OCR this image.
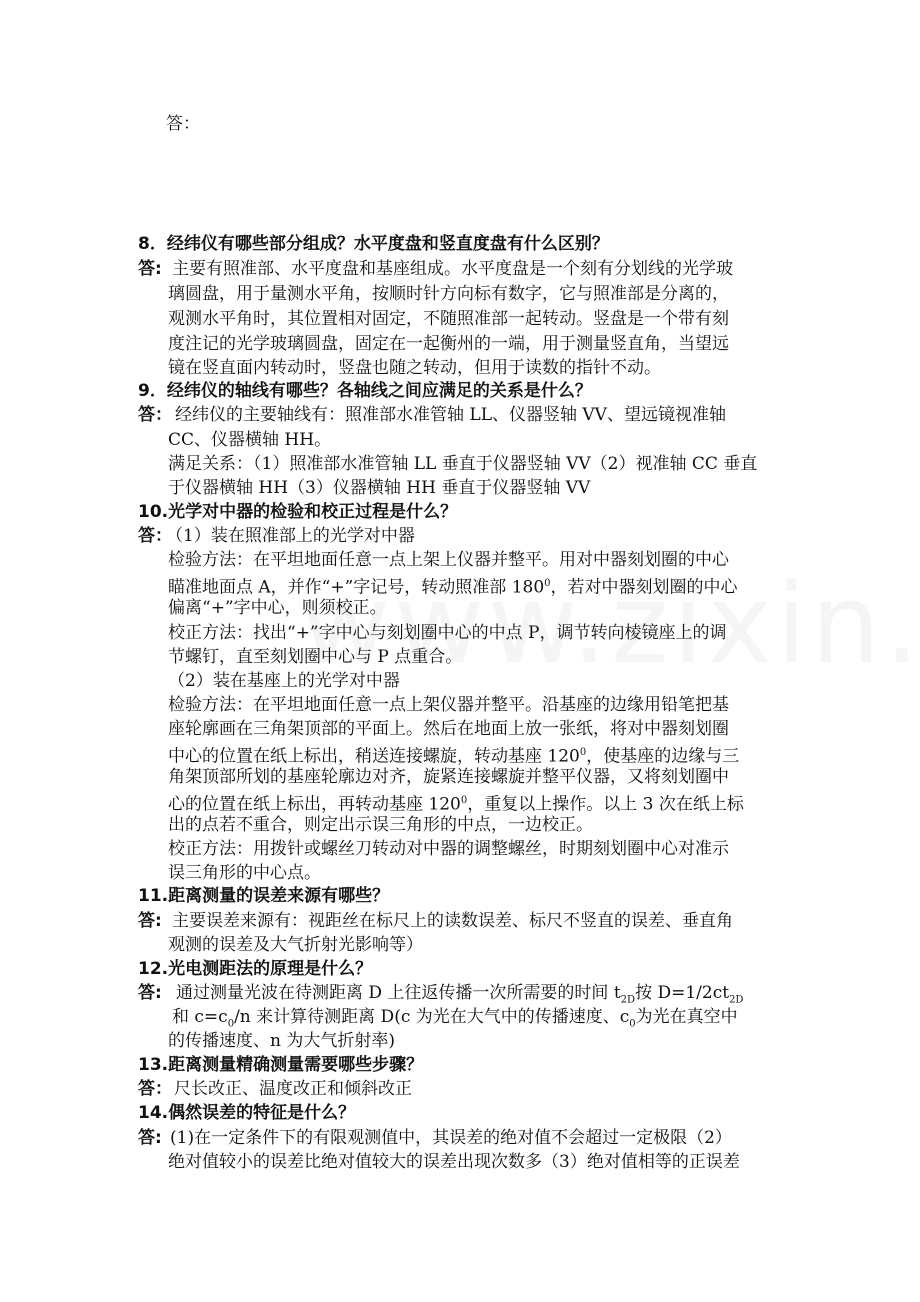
答：
8．经纬仪有哪些部分组成？水平度盘和竖直度盘有什么区别？
答: 主要有照准部、水平度盘和基座组成。水平度盘是一个刻有分划线的光学玻
璃圆盘，用于量测水平角，按顺时针方向标有数字，它与照准部是分离的，
观测水平角时，其位置相对固定，不随照准部一起转动。竖盘是一个带有刻
度注记的光学玻璃圆盘，固定在一起衡州的一端，用于测量竖直角，当望远
镜在竖直面内转动时，竖盘也随之转动，但用于读数的指针不动。
9．经纬仪的轴线有哪些？各轴线之间应满足的关系是什么？
答： 经纬仪的主要轴线有：照准部水准管轴 LL、仪器竖轴 VV、望远镜视准轴
CC、仪器横轴 HH。
满足关系：（1）照准部水准管轴 LL 垂直于仪器竖轴 VV（2）视准轴 CC 垂直
于仪器横轴 HH（3）仪器横轴 HH 垂直于仪器竖轴 VV
10.光学对中器的检验和校正过程是什么？
答：
（1）装在照准部上的光学对中器
检验方法：在平坦地面任意一点上架上仪器并整平。用对中器刻划圈的中心
瞄准地面点 A，并作“+”字记号，转动照准部 $180^0$，若对中器刻划圈的中心
偏离“+”字中心，则须校正。
校正方法：找出“+”字中心与刻划圈中心的中点 P，调节转向棱镜座上的调
节螺钉，直至刻划圈中心与 P 点重合。
（2）装在基座上的光学对中器
检验方法：在平坦地面任意一点上架仪器并整平。沿基座的边缘用铅笔把基
座轮廓画在三角架顶部的平面上。然后在地面上放一张纸，将对中器刻划圈
中心的位置在纸上标出，稍送连接螺旋，转动基座 $120^0$，使基座的边缘与三
角架顶部所划的基座轮廓边对齐，旋紧连接螺旋并整平仪器，又将刻划圈中
心的位置在纸上标出，再转动基座 $120^0$，重复以上操作。以上 3 次在纸上标
出的点若不重合，则定出示误三角形的中点，一边校正。
校正方法：用拨针或螺丝刀转动对中器的调整螺丝，时期刻划圈中心对准示
误三角形的中心点。
11.距离测量的误差来源有哪些？
答: 主要误差来源有：视距丝在标尺上的读数误差、标尺不竖直的误差、垂直角
观测的误差及大气折射光影响等）
12.光电测距法的原理是什么？
答: 通过测量光波在待测距离 D 上往返传播一次所需要的时间 $t_{2D}$按 $D=1/2ct_{2D}$
和 $c=c_0/n$ 来计算待测距离 D(c 为光在大气中的传播速度、$c_0$为光在真空中
的传播速度、n 为大气折射率)
13.距离测量精确测量需要哪些步骤？
答： 尺长改正、温度改正和倾斜改正
14.偶然误差的特征是什么？
答: (1)在一定条件下的有限观测值中，其误差的绝对值不会超过一定极限（2）
绝对值较小的误差比绝对值较大的误差出现次数多（3）绝对值相等的正误差
